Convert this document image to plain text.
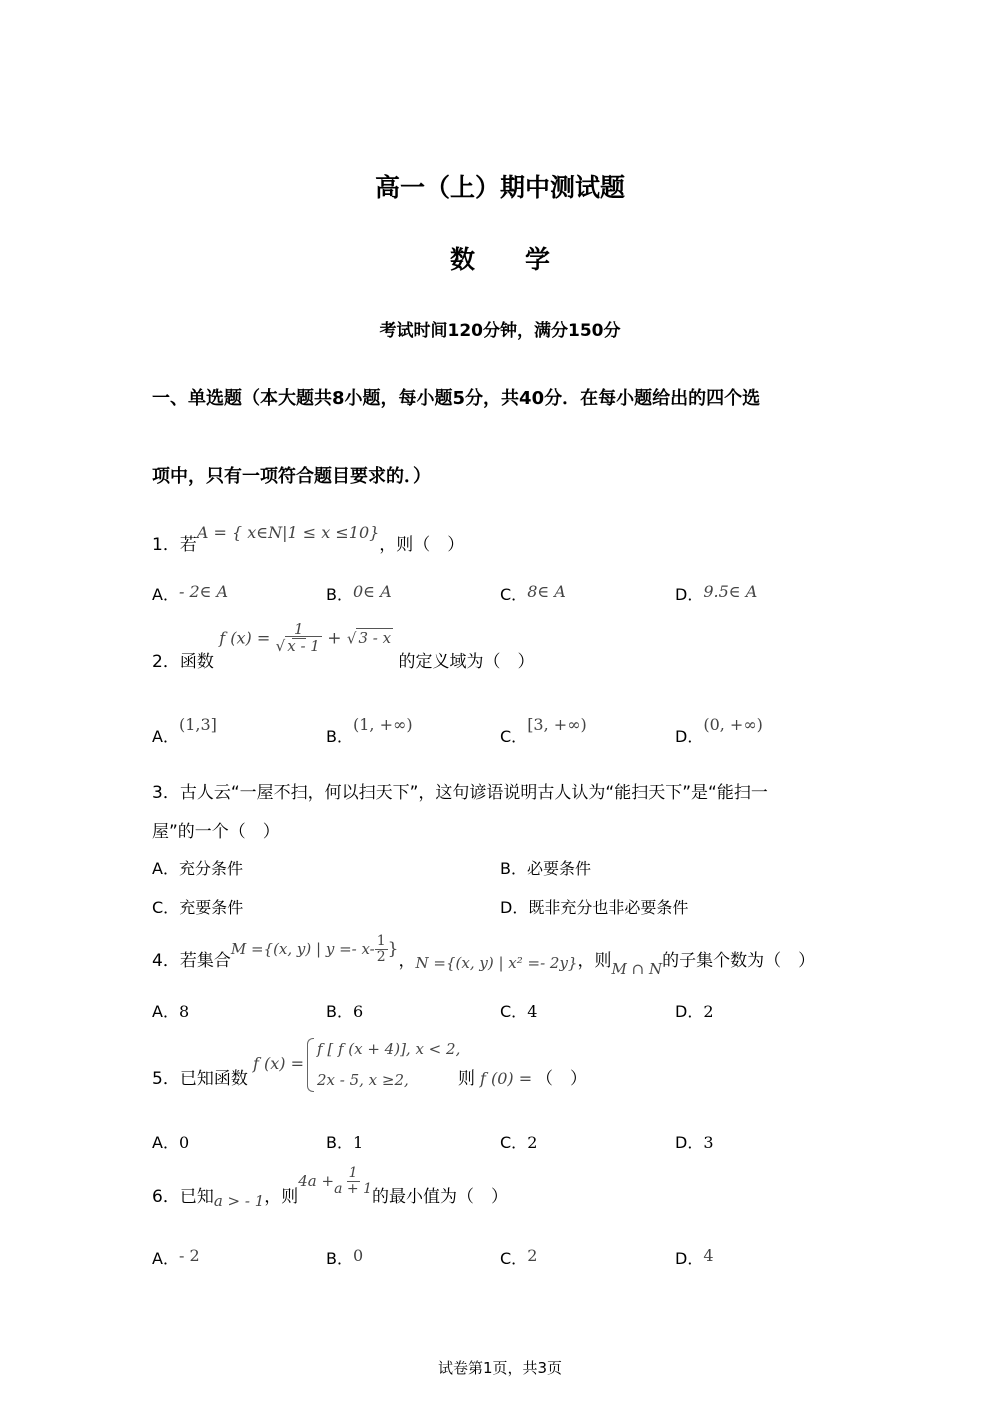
高一（上）期中测试题
数　　学
考试时间120分钟，满分150分
一、单选题（本大题共8小题，每小题5分，共40分．在每小题给出的四个选
项中，只有一项符合题目要求的．）
1．若A = { x∈N|1 ≤ x ≤10}，则（　）
A．- 2∈ A	B．0∈ A	C．8∈ A	D．9.5∈ A
2．函数 f $(x) = \frac{1}{√ x - 1}$ + √ 3 - x 的定义域为（　）
A．(1,3]
B．(1, +∞)
C．[3, +∞)
D．(0, +∞)
3．古人云“一屋不扫，何以扫天下”，这句谚语说明古人认为“能扫天下”是“能扫一
屋”的一个（　）
A．充分条件	B．必要条件
C．充要条件	D．既非充分也非必要条件
4．若集合M ={(x, y) | $y =- x- \frac{1}{2}$ }，N ={(x, y) | x² =- 2y}，则M ∩ N的子集个数为（　）
A．8	B．6	C．4	D．2
5．已知函数
f (x) =
f [ f (x + 4)], x < 2,
2x - 5, x ≥2,	则 f (0) = （　）
A．0	B．1	C．2	D．3
6．已知a > - 1，则$4a + \frac{1}{a + 1}$
的最小值为（　）
A．- 2	B．0	C．2	D．4
试卷第1页，共3页
